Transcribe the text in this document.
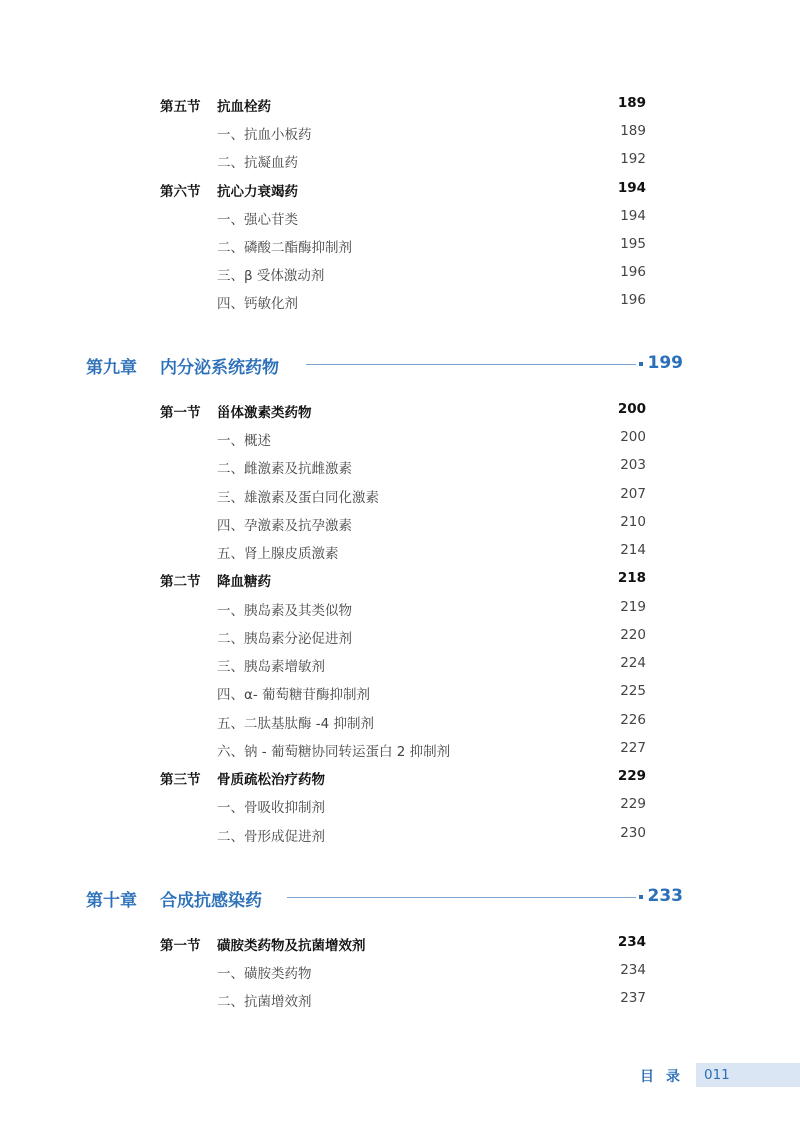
第五节 抗血栓药	189
一、抗血小板药	189
二、抗凝血药	192
第六节 抗心力衰竭药	194
一、强心苷类	194
二、磷酸二酯酶抑制剂	195
三、β 受体激动剂	196
四、钙敏化剂	196
第九章 内分泌系统药物	199
第一节 甾体激素类药物	200
一、概述	200
二、雌激素及抗雌激素	203
三、雄激素及蛋白同化激素	207
四、孕激素及抗孕激素	210
五、肾上腺皮质激素	214
第二节 降血糖药	218
一、胰岛素及其类似物	219
二、胰岛素分泌促进剂	220
三、胰岛素增敏剂	224
四、α- 葡萄糖苷酶抑制剂	225
五、二肽基肽酶 -4 抑制剂	226
六、钠 - 葡萄糖协同转运蛋白 2 抑制剂	227
第三节 骨质疏松治疗药物	229
一、骨吸收抑制剂	229
二、骨形成促进剂	230
第十章 合成抗感染药	233
第一节 磺胺类药物及抗菌增效剂	234
一、磺胺类药物	234
二、抗菌增效剂	237
目录 011
